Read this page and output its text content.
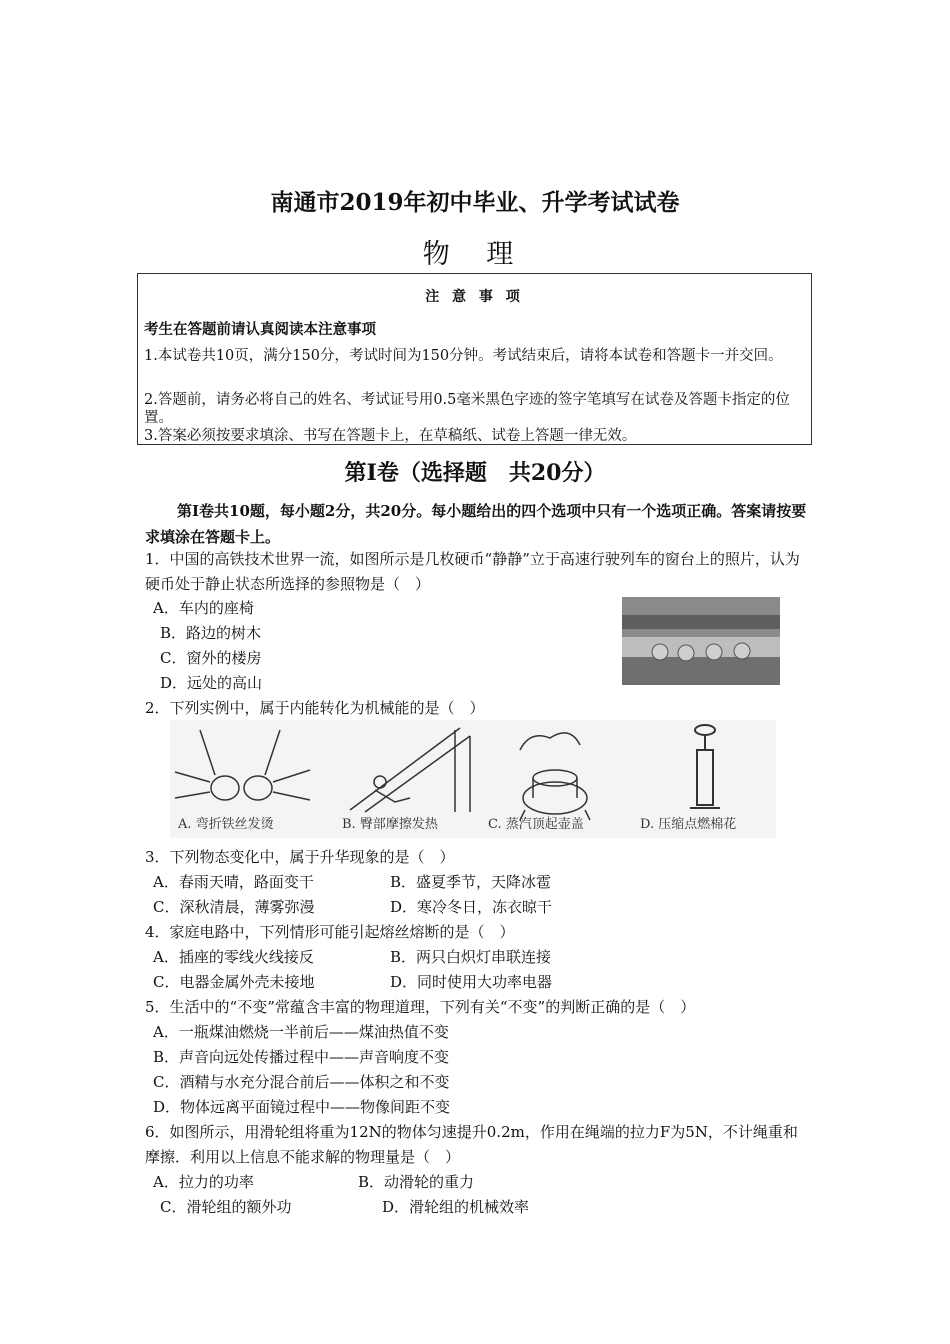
南通市2019年初中毕业、升学考试试卷
物 理
注 意 事 项
考生在答题前请认真阅读本注意事项
1.本试卷共10页，满分150分，考试时间为150分钟。考试结束后，请将本试卷和答题卡一并交回。
2.答题前，请务必将自己的姓名、考试证号用0.5毫米黑色字迹的签字笔填写在试卷及答题卡指定的位置。
3.答案必须按要求填涂、书写在答题卡上，在草稿纸、试卷上答题一律无效。
第Ⅰ卷（选择题　共20分）
第Ⅰ卷共10题，每小题2分，共20分。每小题给出的四个选项中只有一个选项正确。答案请按要求填涂在答题卡上。
1．中国的高铁技术世界一流，如图所示是几枚硬币“静静”立于高速行驶列车的窗台上的照片，认为硬币处于静止状态所选择的参照物是（　）
A．车内的座椅
B．路边的树木
C．窗外的楼房
D．远处的高山
2．下列实例中，属于内能转化为机械能的是（　）
A. 弯折铁丝发烫	B. 臀部摩擦发热	C. 蒸汽顶起壶盖	D. 压缩点燃棉花
3．下列物态变化中，属于升华现象的是（　）
A．春雨天晴，路面变干	B．盛夏季节，天降冰雹
C．深秋清晨，薄雾弥漫	D．寒冷冬日，冻衣晾干
4．家庭电路中，下列情形可能引起熔丝熔断的是（　）
A．插座的零线火线接反	B．两只白炽灯串联连接
C．电器金属外壳未接地	D．同时使用大功率电器
5．生活中的“不变”常蕴含丰富的物理道理，下列有关“不变”的判断正确的是（　）
A．一瓶煤油燃烧一半前后——煤油热值不变
B．声音向远处传播过程中——声音响度不变
C．酒精与水充分混合前后——体积之和不变
D．物体远离平面镜过程中——物像间距不变
6．如图所示，用滑轮组将重为12N的物体匀速提升0.2m，作用在绳端的拉力F为5N，不计绳重和摩擦．利用以上信息不能求解的物理量是（　）
A．拉力的功率	B．动滑轮的重力
C．滑轮组的额外功	D．滑轮组的机械效率
